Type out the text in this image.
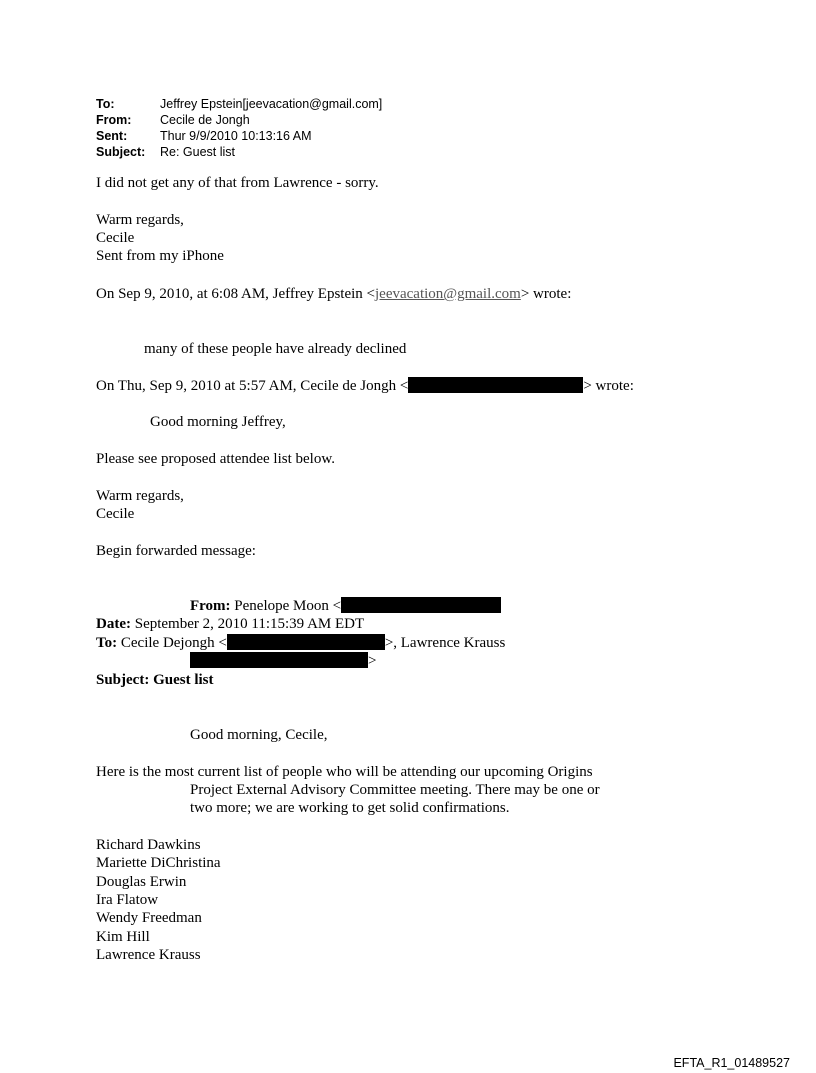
To:	Jeffrey Epstein[jeevacation@gmail.com]
From:	Cecile de Jongh
Sent:	Thur 9/9/2010 10:13:16 AM
Subject:	Re: Guest list
I did not get any of that from Lawrence - sorry.
Warm regards,
Cecile
Sent from my iPhone
On Sep 9, 2010, at 6:08 AM, Jeffrey Epstein <jeevacation@gmail.com> wrote:
many of these people have already declined
On Thu, Sep 9, 2010 at 5:57 AM, Cecile de Jongh <	> wrote:
Good morning Jeffrey,
Please see proposed attendee list below.
Warm regards,
Cecile
Begin forwarded message:
From: Penelope Moon <
Date: September 2, 2010 11:15:39 AM EDT
To: Cecile Dejongh <	>, Lawrence Krauss
>
Subject: Guest list
Good morning, Cecile,
Here is the most current list of people who will be attending our upcoming Origins
Project External Advisory Committee meeting. There may be one or
two more; we are working to get solid confirmations.
Richard Dawkins
Mariette DiChristina
Douglas Erwin
Ira Flatow
Wendy Freedman
Kim Hill
Lawrence Krauss
EFTA_R1_01489527
